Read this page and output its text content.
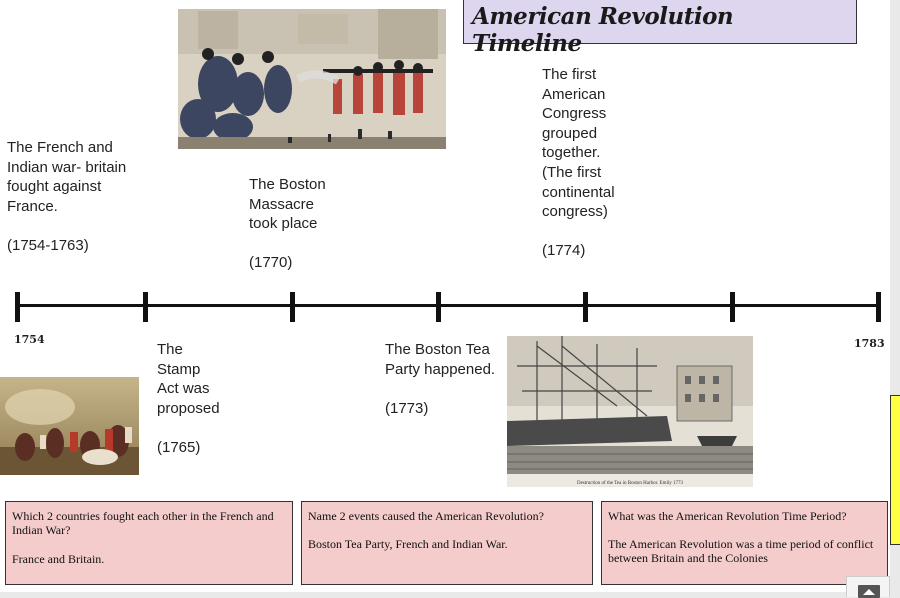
American Revolution Timeline
The French and
Indian war- britain
fought against
France.

(1754-1763)
The Boston
Massacre
took place

(1770)
The first
American
Congress
grouped
together.
(The first
continental
congress)

(1774)
1754	1783
The
Stamp
Act was
proposed

(1765)
The Boston Tea
Party happened.

(1773)
Destruction of the Tea in Boston Harbor. Emily 1773
Which 2 countries fought each other in the French and Indian War?
France and Britain.
Name 2 events caused the American Revolution?
Boston Tea Party, French and Indian War.
What was the American Revolution Time Period?
The American Revolution was a time period of conflict between Britain and the Colonies
